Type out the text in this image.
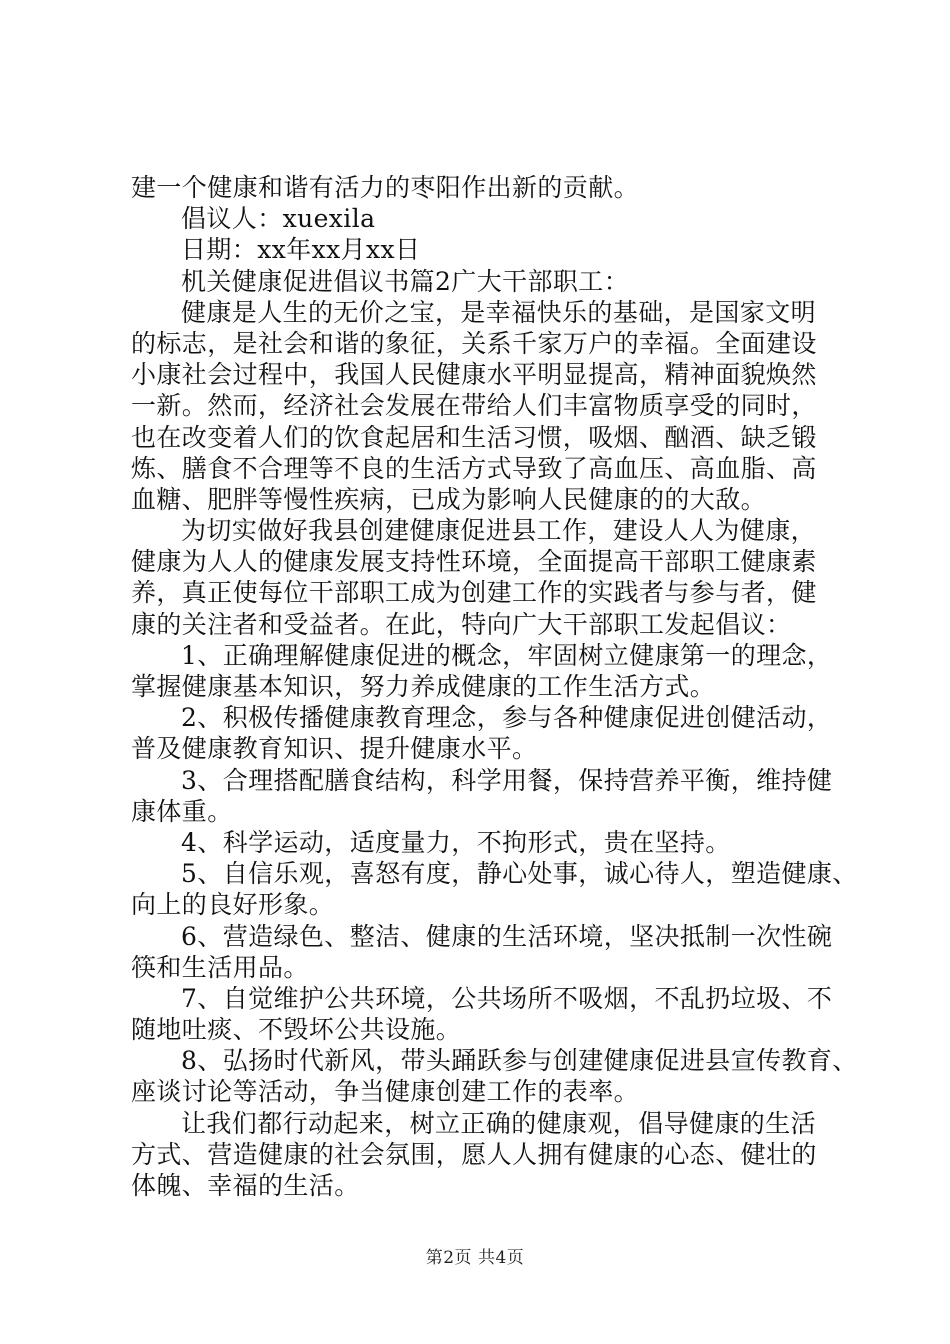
建一个健康和谐有活力的枣阳作出新的贡献。
倡议人：xuexila
日期：xx年xx月xx日
机关健康促进倡议书篇2广大干部职工：
健康是人生的无价之宝，是幸福快乐的基础，是国家文明
的标志，是社会和谐的象征，关系千家万户的幸福。全面建设
小康社会过程中，我国人民健康水平明显提高，精神面貌焕然
一新。然而，经济社会发展在带给人们丰富物质享受的同时，
也在改变着人们的饮食起居和生活习惯，吸烟、酗酒、缺乏锻
炼、膳食不合理等不良的生活方式导致了高血压、高血脂、高
血糖、肥胖等慢性疾病，已成为影响人民健康的的大敌。
为切实做好我县创建健康促进县工作，建设人人为健康，
健康为人人的健康发展支持性环境，全面提高干部职工健康素
养，真正使每位干部职工成为创建工作的实践者与参与者，健
康的关注者和受益者。在此，特向广大干部职工发起倡议：
1、正确理解健康促进的概念，牢固树立健康第一的理念，
掌握健康基本知识，努力养成健康的工作生活方式。
2、积极传播健康教育理念，参与各种健康促进创健活动，
普及健康教育知识、提升健康水平。
3、合理搭配膳食结构，科学用餐，保持营养平衡，维持健
康体重。
4、科学运动，适度量力，不拘形式，贵在坚持。
5、自信乐观，喜怒有度，静心处事，诚心待人，塑造健康、
向上的良好形象。
6、营造绿色、整洁、健康的生活环境，坚决抵制一次性碗
筷和生活用品。
7、自觉维护公共环境，公共场所不吸烟，不乱扔垃圾、不
随地吐痰、不毁坏公共设施。
8、弘扬时代新风，带头踊跃参与创建健康促进县宣传教育、
座谈讨论等活动，争当健康创建工作的表率。
让我们都行动起来，树立正确的健康观，倡导健康的生活
方式、营造健康的社会氛围，愿人人拥有健康的心态、健壮的
体魄、幸福的生活。
第2页 共4页
